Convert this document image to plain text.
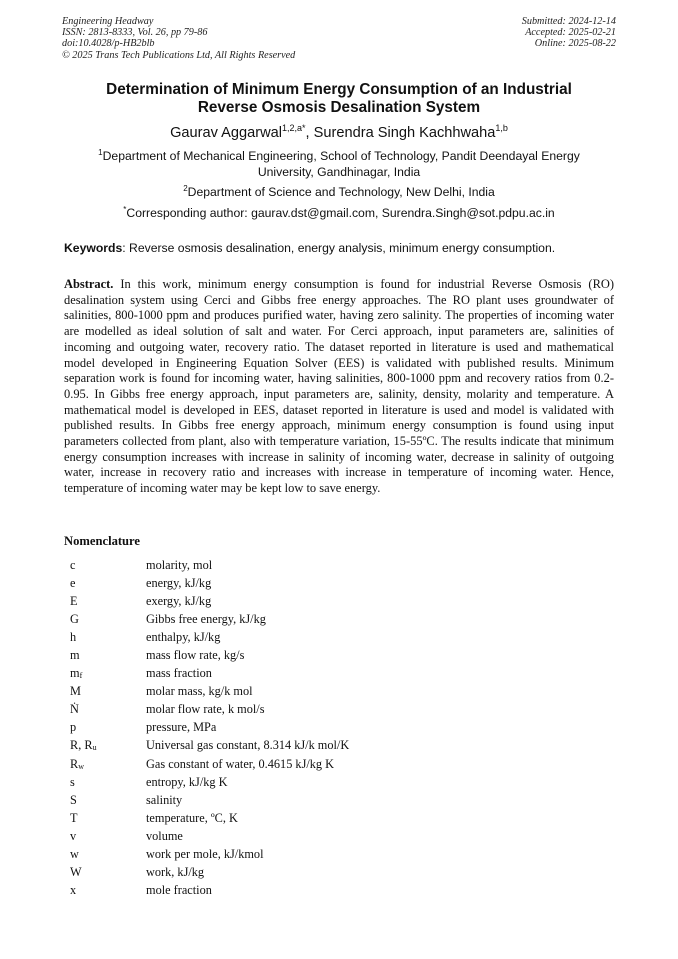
Engineering Headway
ISSN: 2813-8333, Vol. 26, pp 79-86
doi:10.4028/p-HB2blb
© 2025 Trans Tech Publications Ltd, All Rights Reserved
Submitted: 2024-12-14
Accepted: 2025-02-21
Online: 2025-08-22
Determination of Minimum Energy Consumption of an Industrial
Reverse Osmosis Desalination System
Gaurav Aggarwal$^{1,2,a*}$, Surendra Singh Kachhwaha$^{1,b}$
$^1$Department of Mechanical Engineering, School of Technology, Pandit Deendayal Energy
University, Gandhinagar, India
$^2$Department of Science and Technology, New Delhi, India
*Corresponding author: gaurav.dst@gmail.com, Surendra.Singh@sot.pdpu.ac.in
Keywords: Reverse osmosis desalination, energy analysis, minimum energy consumption.

Abstract. In this work, minimum energy consumption is found for industrial Reverse Osmosis (RO) desalination system using Cerci and Gibbs free energy approaches. The RO plant uses groundwater of salinities, 800-1000 ppm and produces purified water, having zero salinity. The properties of incoming water are modelled as ideal solution of salt and water. For Cerci approach, input parameters are, salinities of incoming and outgoing water, recovery ratio. The dataset reported in literature is used and mathematical model developed in Engineering Equation Solver (EES) is validated with published results. Minimum separation work is found for incoming water, having salinities, 800-1000 ppm and recovery ratios from 0.2-0.95. In Gibbs free energy approach, input parameters are, salinity, density, molarity and temperature. A mathematical model is developed in EES, dataset reported in literature is used and model is validated with published results. In Gibbs free energy approach, minimum energy consumption is found using input parameters collected from plant, also with temperature variation, 15-55ºC. The results indicate that minimum energy consumption increases with increase in salinity of incoming water, decrease in salinity of outgoing water, increase in recovery ratio and increases with increase in temperature of incoming water. Hence, temperature of incoming water may be kept low to save energy.

Nomenclature
c	molarity, mol
e	energy, kJ/kg
E	exergy, kJ/kg
G	Gibbs free energy, kJ/kg
h	enthalpy, kJ/kg
m	mass flow rate, kg/s
$m_f$	mass fraction
M	molar mass, kg/k mol
Ṅ	molar flow rate, k mol/s
p	pressure, MPa
R, $R_u$	Universal gas constant, 8.314 kJ/k mol/K
$R_w$	Gas constant of water, 0.4615 kJ/kg K
s	entropy, kJ/kg K
S	salinity
T	temperature, ºC, K
v	volume
w	work per mole, kJ/kmol
W	work, kJ/kg
x	mole fraction
